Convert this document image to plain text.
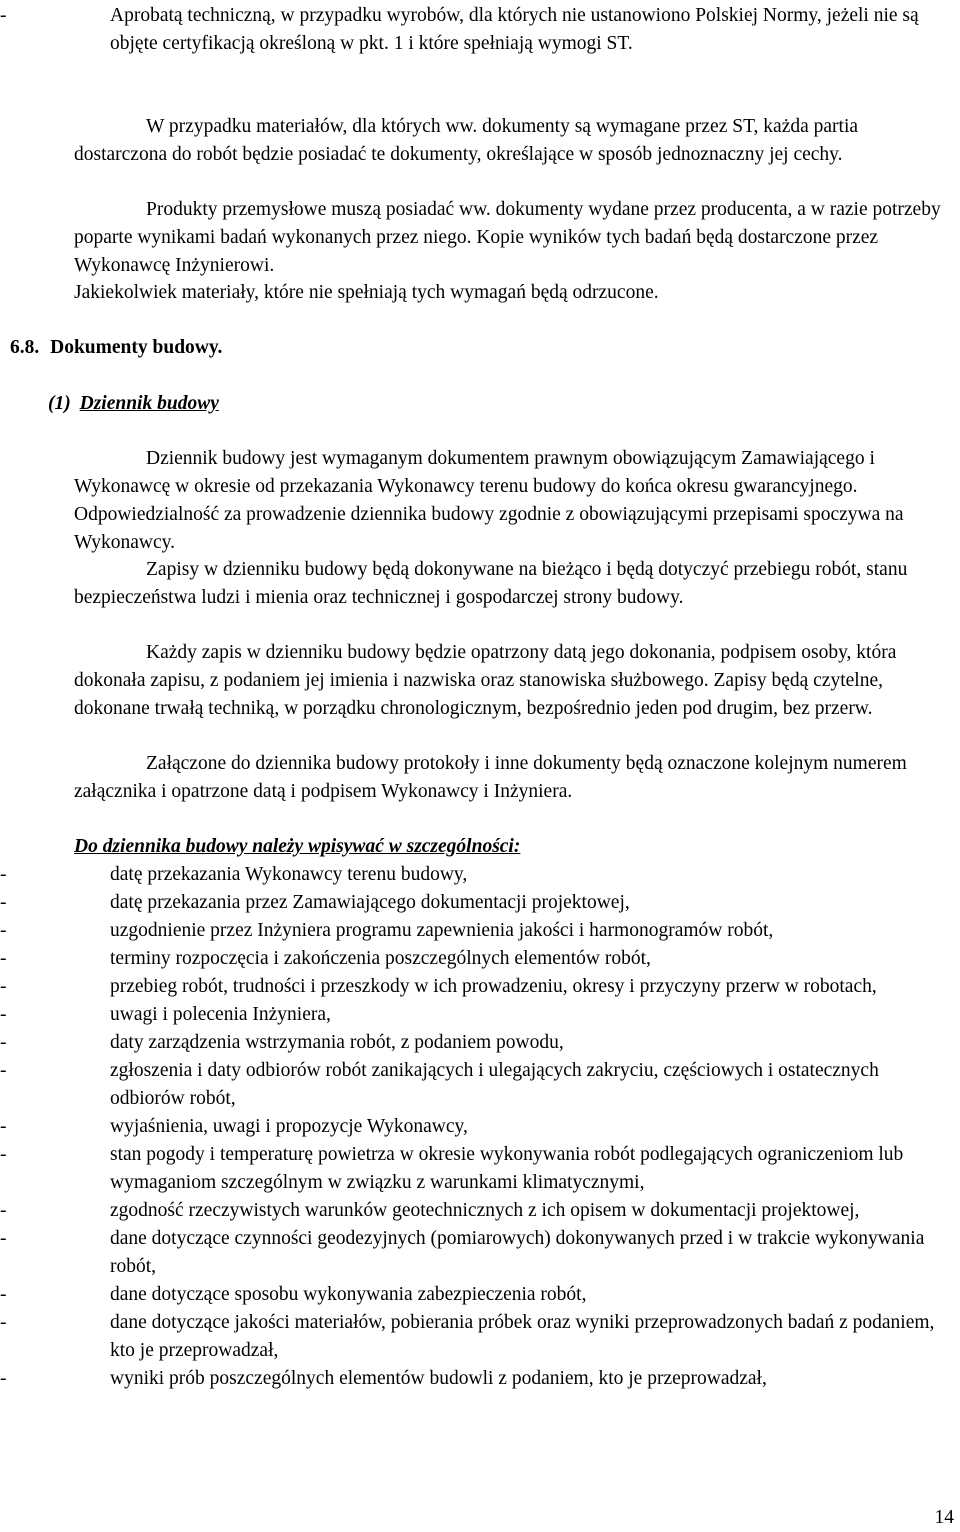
-	Aprobatą techniczną, w przypadku wyrobów, dla których nie ustanowiono Polskiej Normy, jeżeli nie są objęte certyfikacją określoną w pkt. 1 i które spełniają wymogi ST.

W przypadku materiałów, dla których ww. dokumenty są wymagane przez ST, każda partia dostarczona do robót będzie posiadać te dokumenty, określające w sposób jednoznaczny jej cechy.

Produkty przemysłowe muszą posiadać ww. dokumenty wydane przez producenta, a w razie potrzeby poparte wynikami badań wykonanych przez niego. Kopie wyników tych badań będą dostarczone przez Wykonawcę Inżynierowi.

Jakiekolwiek materiały, które nie spełniają tych wymagań będą odrzucone.

6.8. Dokumenty budowy.
(1) Dziennik budowy

Dziennik budowy jest wymaganym dokumentem prawnym obowiązującym Zamawiającego i Wykonawcę w okresie od przekazania Wykonawcy terenu budowy do końca okresu gwarancyjnego. Odpowiedzialność za prowadzenie dziennika budowy zgodnie z obowiązującymi przepisami spoczywa na Wykonawcy.

Zapisy w dzienniku budowy będą dokonywane na bieżąco i będą dotyczyć przebiegu robót, stanu bezpieczeństwa ludzi i mienia oraz technicznej i gospodarczej strony budowy.

Każdy zapis w dzienniku budowy będzie opatrzony datą jego dokonania, podpisem osoby, która dokonała zapisu, z podaniem jej imienia i nazwiska oraz stanowiska służbowego. Zapisy będą czytelne, dokonane trwałą techniką, w porządku chronologicznym, bezpośrednio jeden pod drugim, bez przerw.

Załączone do dziennika budowy protokoły i inne dokumenty będą oznaczone kolejnym numerem załącznika i opatrzone datą i podpisem Wykonawcy i Inżyniera.

Do dziennika budowy należy wpisywać w szczególności:
-	datę przekazania Wykonawcy terenu budowy,
-	datę przekazania przez Zamawiającego dokumentacji projektowej,
-	uzgodnienie przez Inżyniera programu zapewnienia jakości i harmonogramów robót,
-	terminy rozpoczęcia i zakończenia poszczególnych elementów robót,
-	przebieg robót, trudności i przeszkody w ich prowadzeniu, okresy i przyczyny przerw w robotach,
-	uwagi i polecenia Inżyniera,
-	daty zarządzenia wstrzymania robót, z podaniem powodu,
-	zgłoszenia i daty odbiorów robót zanikających i ulegających zakryciu, częściowych i ostatecznych odbiorów robót,
-	wyjaśnienia, uwagi i propozycje Wykonawcy,
-	stan pogody i temperaturę powietrza w okresie wykonywania robót podlegających ograniczeniom lub wymaganiom szczególnym w związku z warunkami klimatycznymi,
-	zgodność rzeczywistych warunków geotechnicznych z ich opisem w dokumentacji projektowej,
-	dane dotyczące czynności geodezyjnych (pomiarowych) dokonywanych przed i w trakcie wykonywania robót,
-	dane dotyczące sposobu wykonywania zabezpieczenia robót,
-	dane dotyczące jakości materiałów, pobierania próbek oraz wyniki przeprowadzonych badań z podaniem, kto je przeprowadzał,
-	wyniki prób poszczególnych elementów budowli z podaniem, kto je przeprowadzał,
14
